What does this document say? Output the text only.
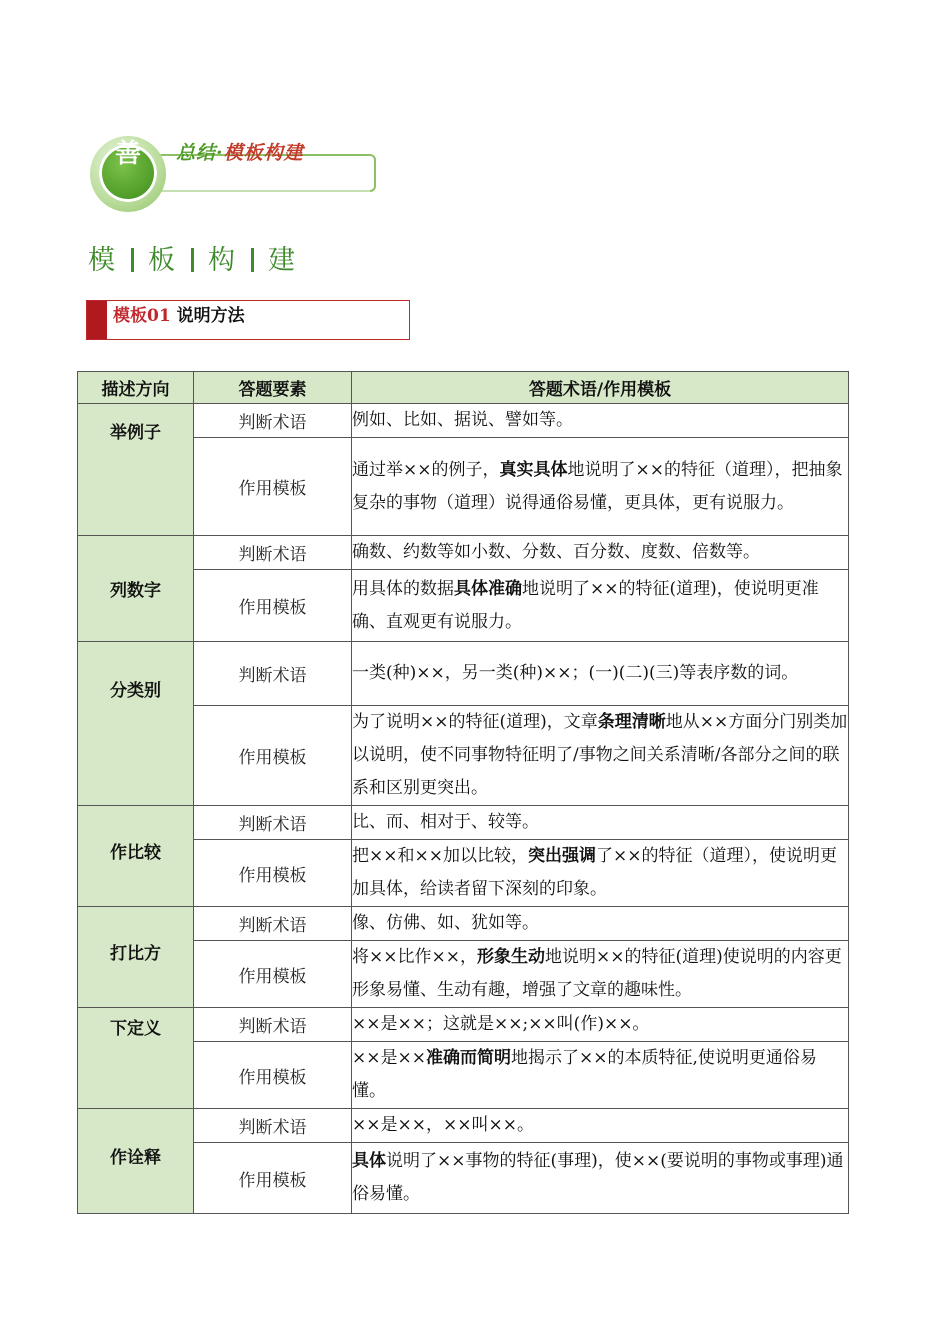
善	总结·模板构建
模 板 构 建
模板01 说明方法
描述方向	答题要素	答题术语/作用模板
举例子	判断术语	例如、比如、据说、譬如等。
	作用模板	通过举××的例子，真实具体地说明了××的特征（道理），把抽象复杂的事物（道理）说得通俗易懂，更具体，更有说服力。
列数字	判断术语	确数、约数等如小数、分数、百分数、度数、倍数等。
	作用模板	用具体的数据具体准确地说明了××的特征(道理)，使说明更准确、直观更有说服力。
分类别	判断术语	一类(种)××，另一类(种)××；(一)(二)(三)等表序数的词。
	作用模板	为了说明××的特征(道理)，文章条理清晰地从××方面分门别类加以说明，使不同事物特征明了/事物之间关系清晰/各部分之间的联系和区别更突出。
作比较	判断术语	比、而、相对于、较等。
	作用模板	把××和××加以比较，突出强调了××的特征（道理），使说明更加具体，给读者留下深刻的印象。
打比方	判断术语	像、仿佛、如、犹如等。
	作用模板	将××比作××，形象生动地说明××的特征(道理)使说明的内容更形象易懂、生动有趣，增强了文章的趣味性。
下定义	判断术语	××是××；这就是××;××叫(作)××。
	作用模板	××是××准确而简明地揭示了××的本质特征,使说明更通俗易懂。
作诠释	判断术语	××是××，××叫××。
	作用模板	具体说明了××事物的特征(事理)，使××(要说明的事物或事理)通俗易懂。
